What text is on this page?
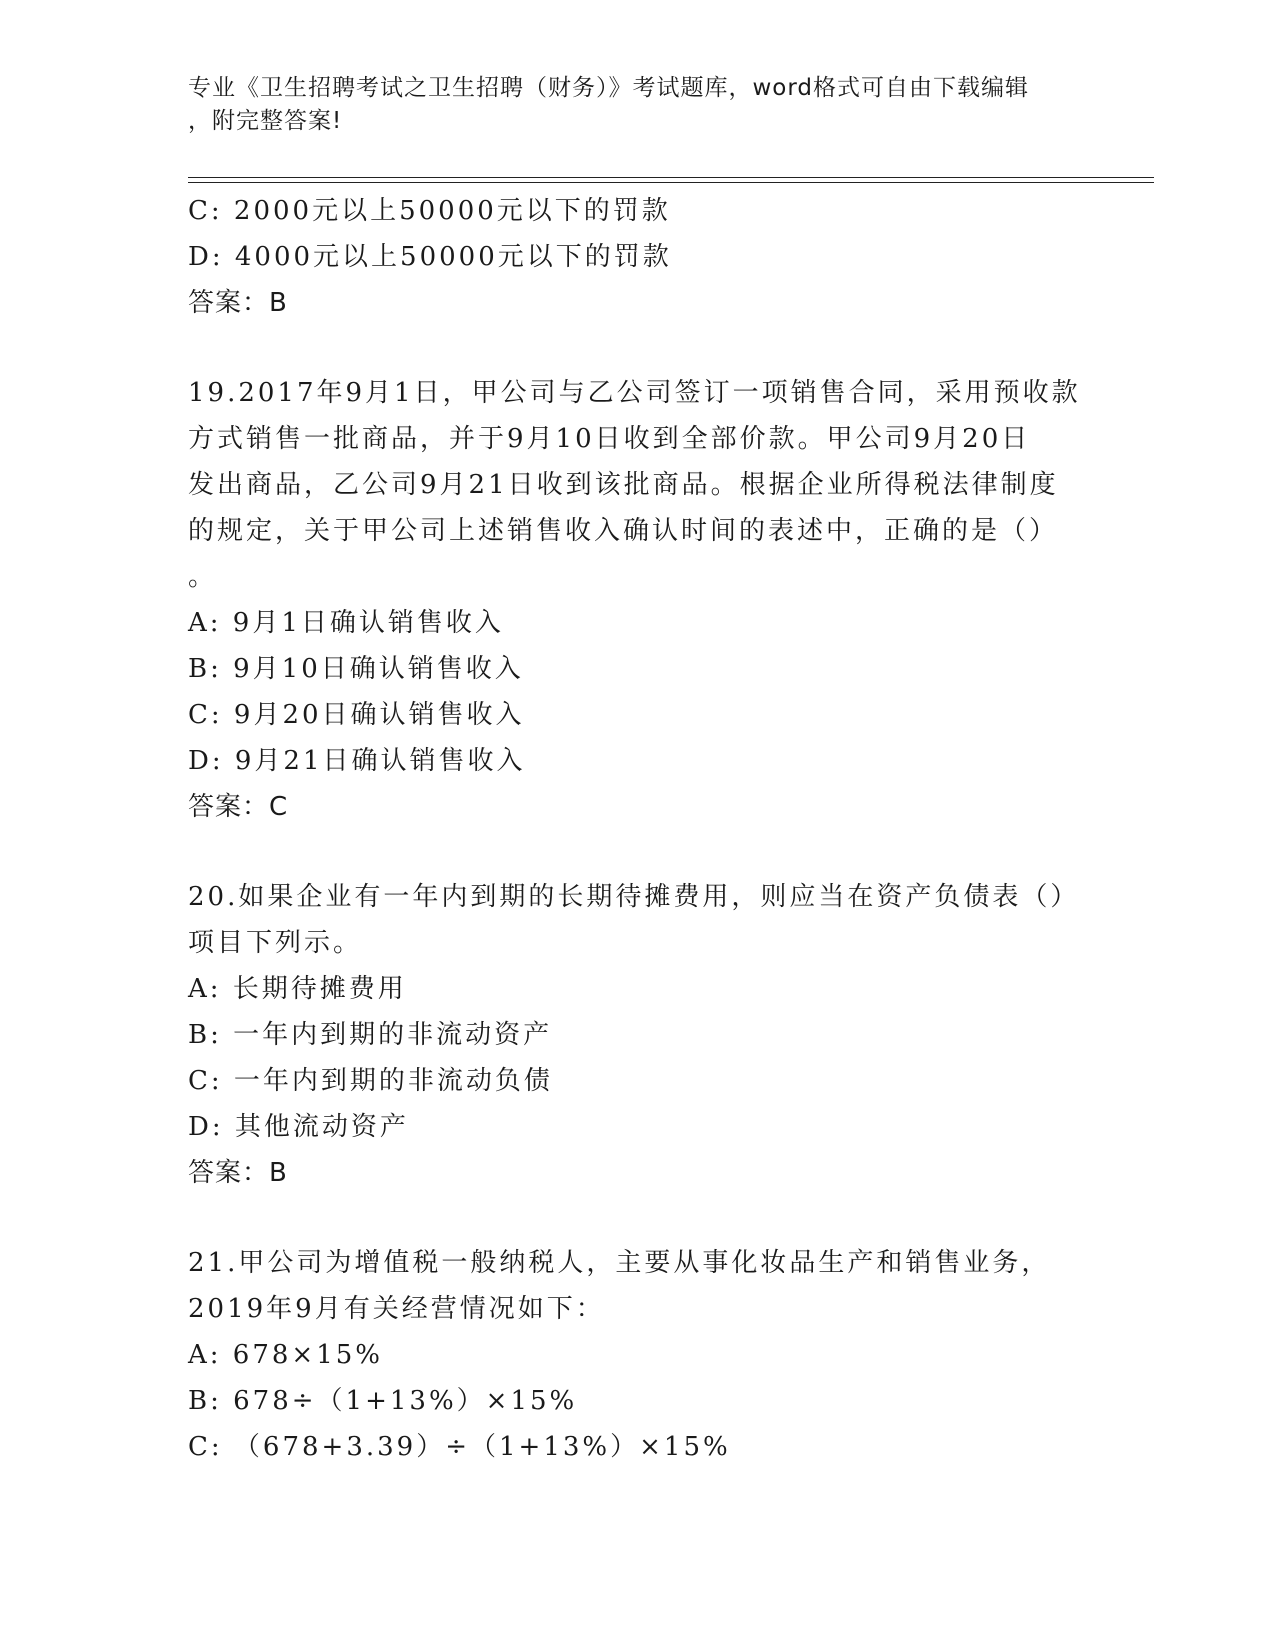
专业《卫生招聘考试之卫生招聘（财务）》考试题库，word格式可自由下载编辑
，附完整答案!
C: 2000元以上50000元以下的罚款
D: 4000元以上50000元以下的罚款
答案：B
19.2017年9月1日，甲公司与乙公司签订一项销售合同，采用预收款
方式销售一批商品，并于9月10日收到全部价款。甲公司9月20日
发出商品，乙公司9月21日收到该批商品。根据企业所得税法律制度
的规定，关于甲公司上述销售收入确认时间的表述中，正确的是（）
。
A: 9月1日确认销售收入
B: 9月10日确认销售收入
C: 9月20日确认销售收入
D: 9月21日确认销售收入
答案：C
20.如果企业有一年内到期的长期待摊费用，则应当在资产负债表（）
项目下列示。
A: 长期待摊费用
B: 一年内到期的非流动资产
C: 一年内到期的非流动负债
D: 其他流动资产
答案：B
21.甲公司为增值税一般纳税人，主要从事化妆品生产和销售业务，
2019年9月有关经营情况如下：
A: 678×15%
B: 678÷（1+13%）×15%
C: （678+3.39）÷（1+13%）×15%
